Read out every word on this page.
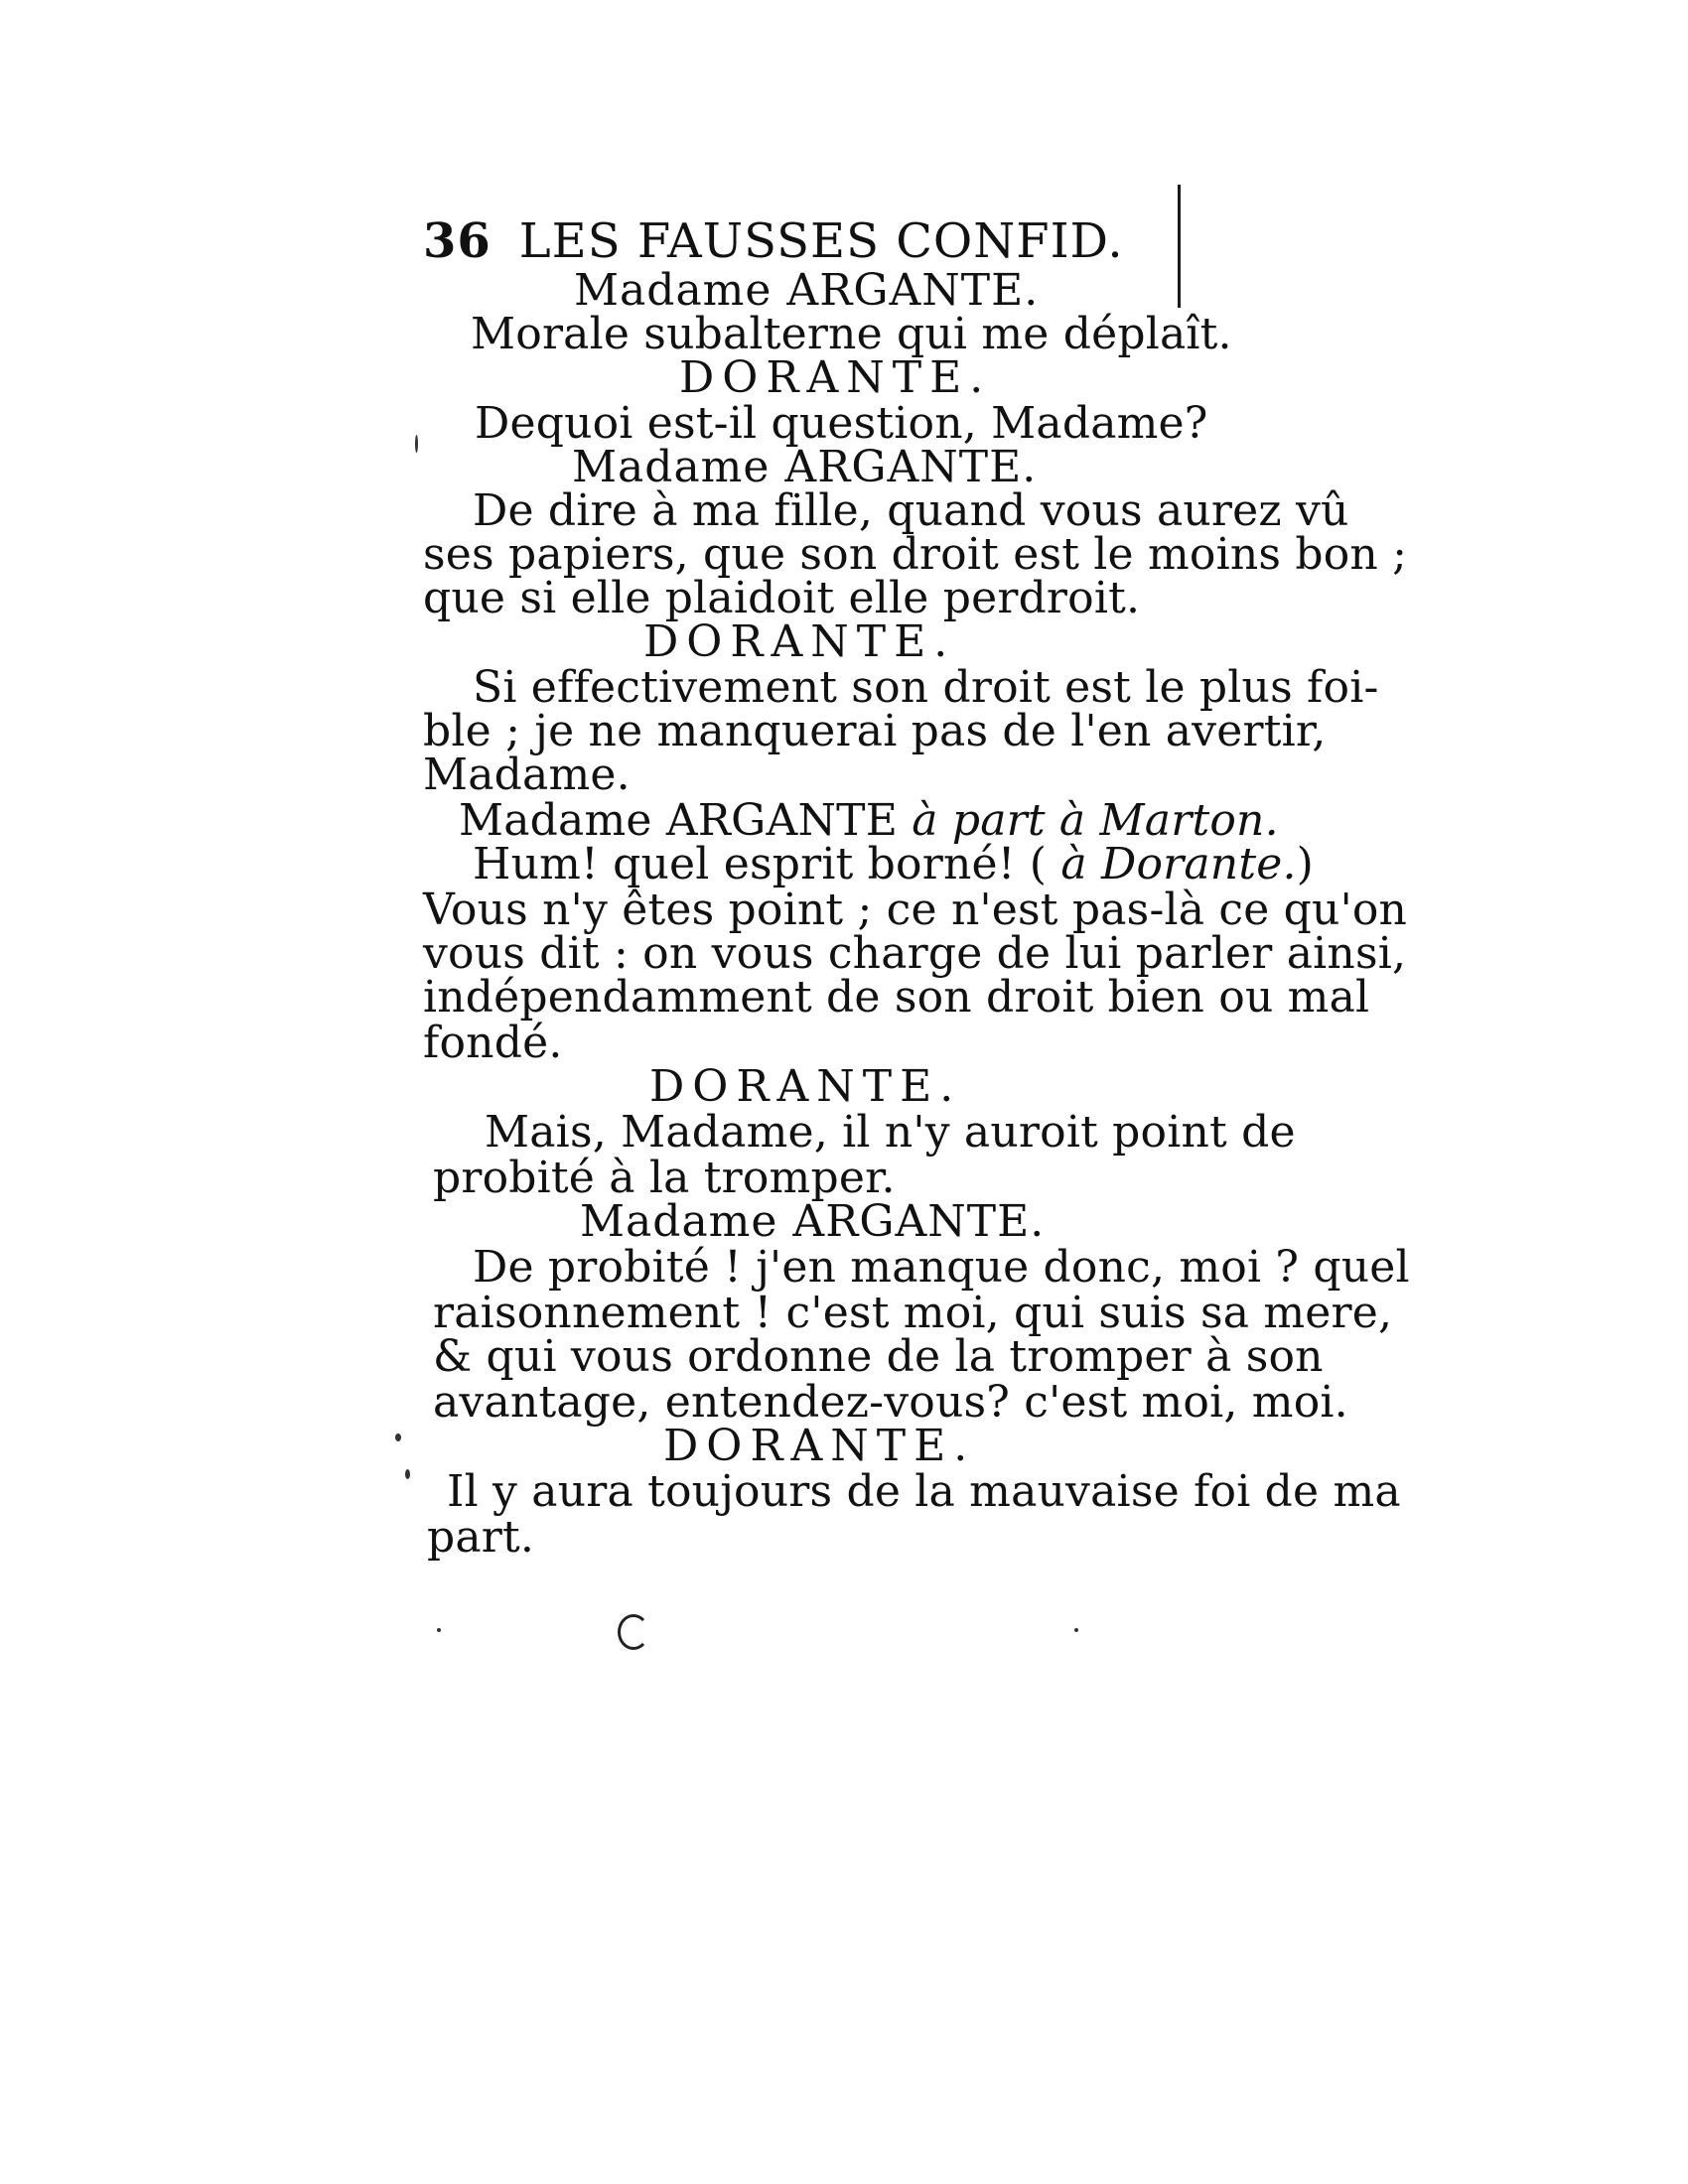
36 LES FAUSSES CONFID.
Madame ARGANTE.
Morale subalterne qui me déplaît.
DORANTE.
Dequoi est-il question, Madame?
Madame ARGANTE.
De dire à ma fille, quand vous aurez vû
ses papiers, que son droit est le moins bon ;
que si elle plaidoit elle perdroit.
DORANTE.
Si effectivement son droit est le plus foi-
ble ; je ne manquerai pas de l'en avertir,
Madame.
Madame ARGANTE à part à Marton.
Hum! quel esprit borné! ( à Dorante.)
Vous n'y êtes point ; ce n'est pas-là ce qu'on
vous dit : on vous charge de lui parler ainsi,
indépendamment de son droit bien ou mal
fondé.
DORANTE.
Mais, Madame, il n'y auroit point de
probité à la tromper.
Madame ARGANTE.
De probité ! j'en manque donc, moi ? quel
raisonnement ! c'est moi, qui suis sa mere,
& qui vous ordonne de la tromper à son
avantage, entendez-vous? c'est moi, moi.
DORANTE.
Il y aura toujours de la mauvaise foi de ma
part.
